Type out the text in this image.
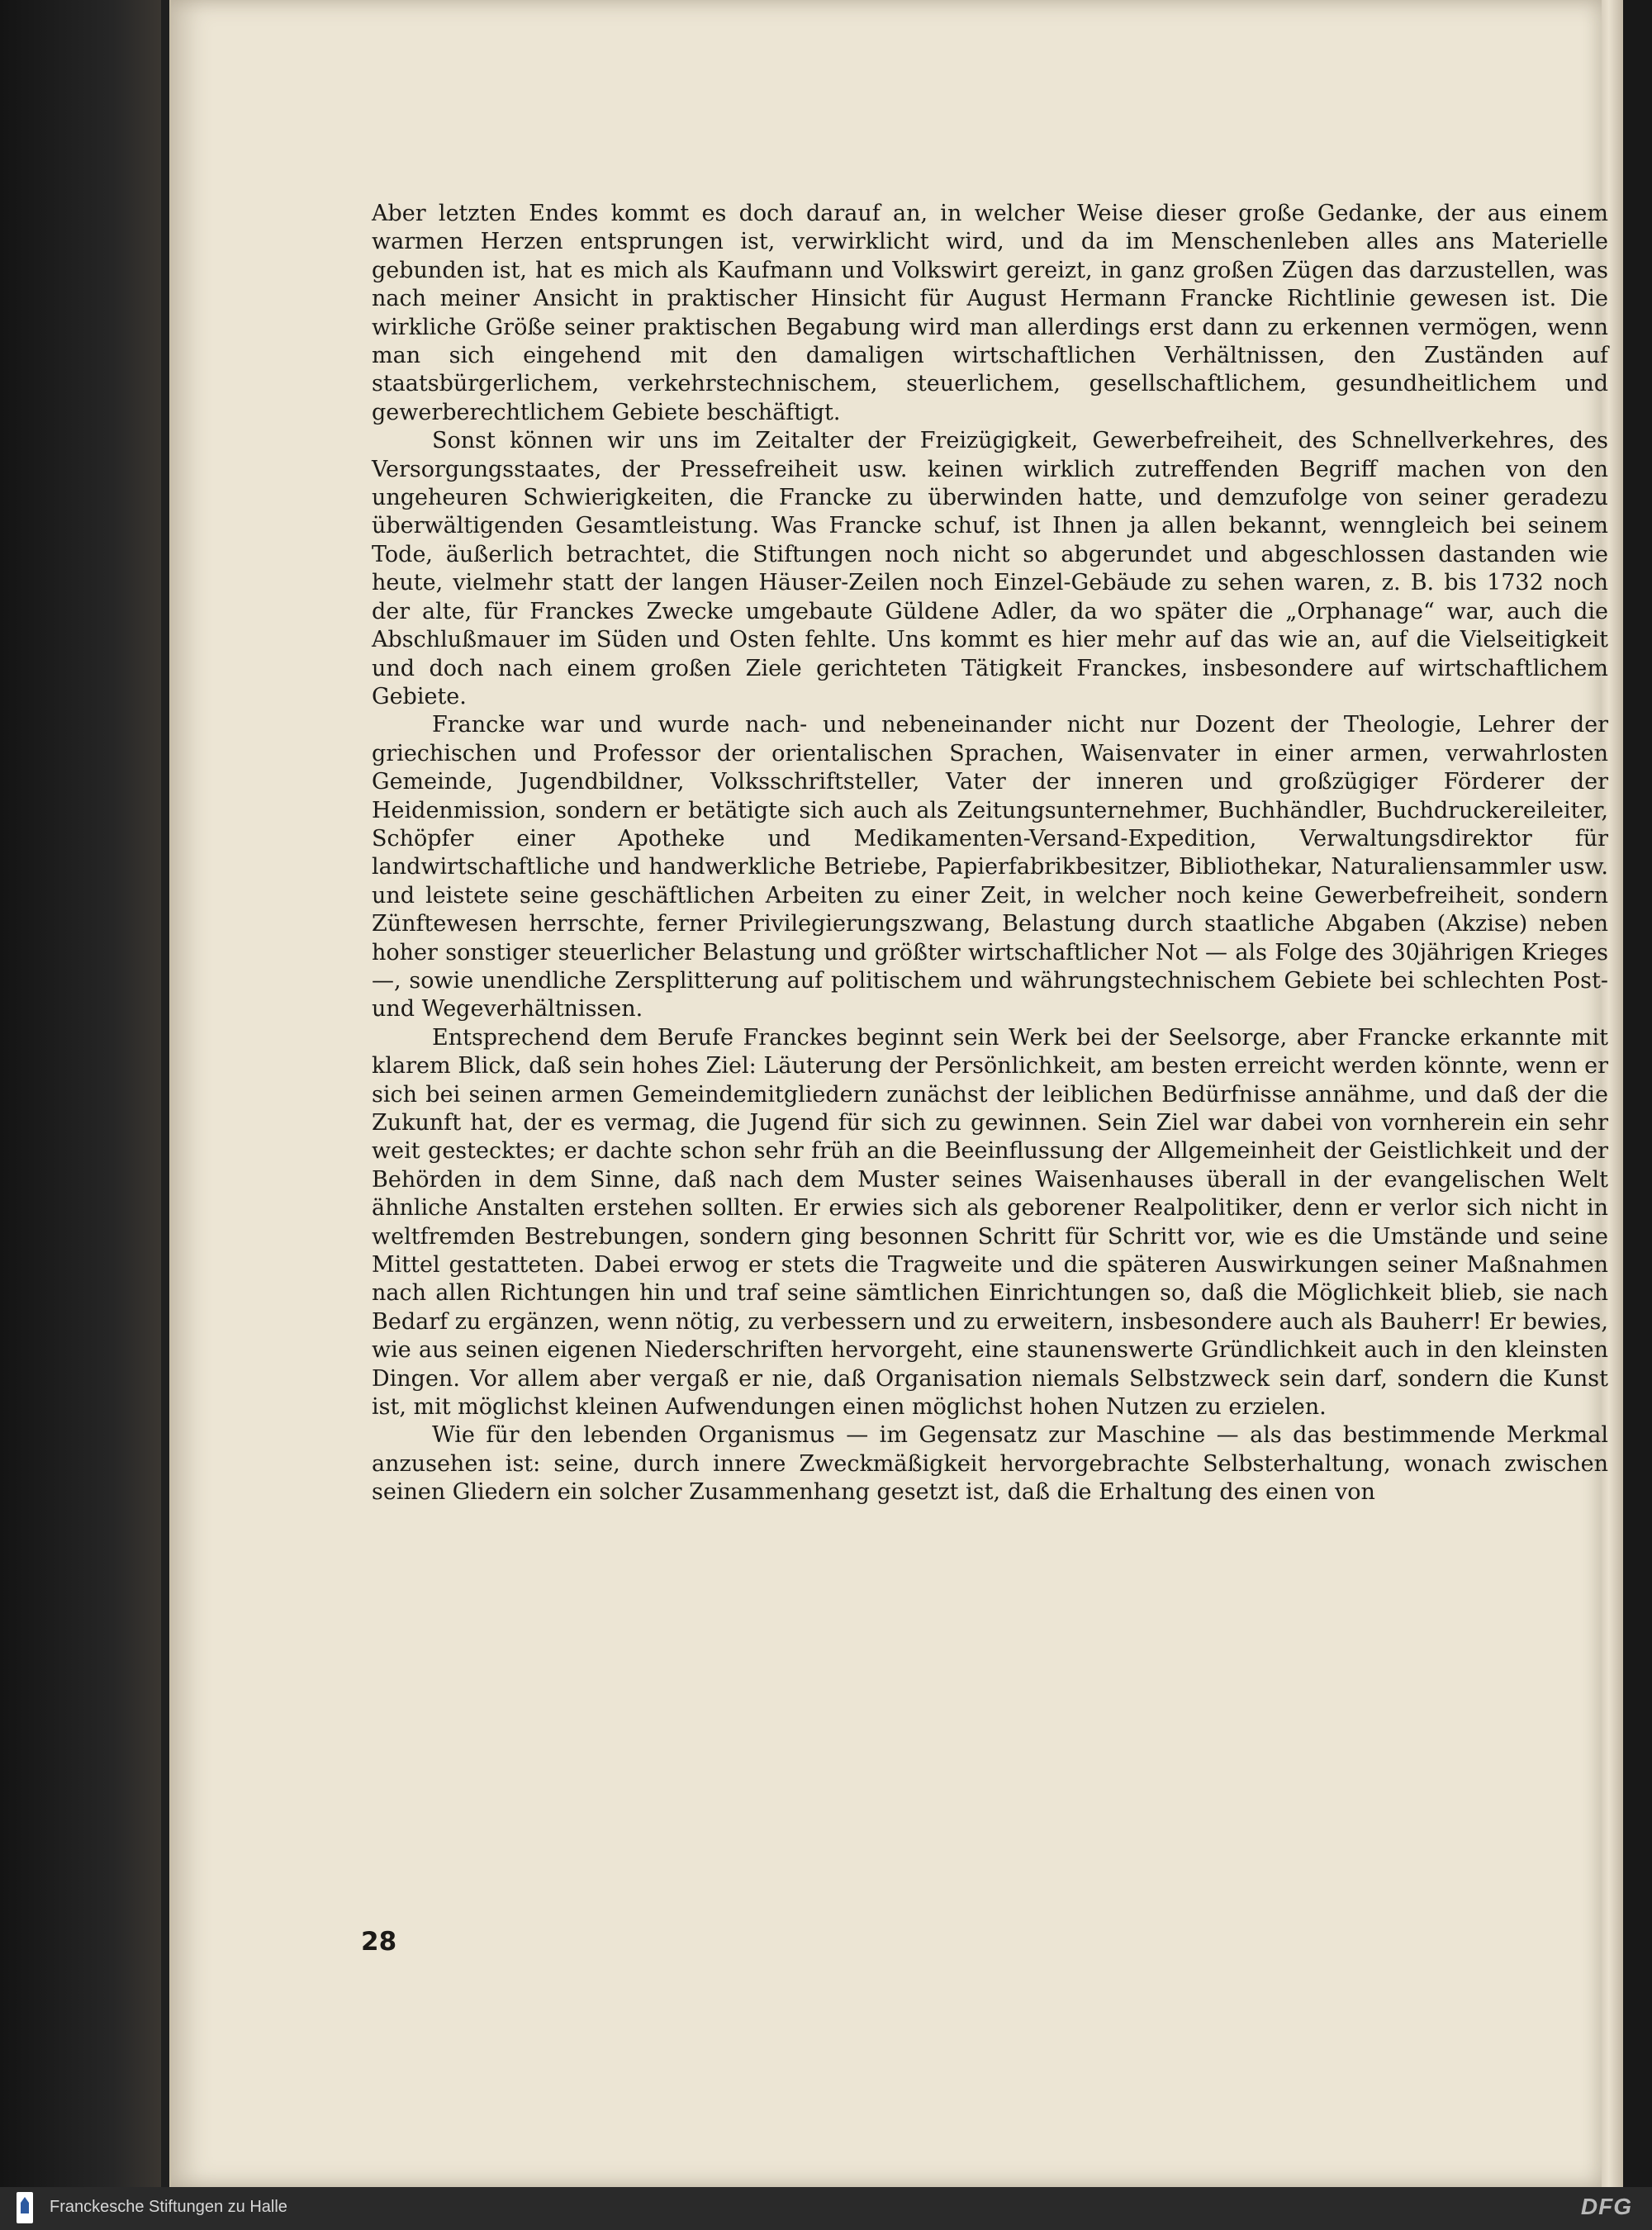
Aber letzten Endes kommt es doch darauf an, in welcher Weise dieser große Gedanke, der aus einem warmen Herzen entsprungen ist, verwirklicht wird, und da im Menschenleben alles ans Materielle gebunden ist, hat es mich als Kaufmann und Volkswirt gereizt, in ganz großen Zügen das darzustellen, was nach meiner Ansicht in praktischer Hinsicht für August Hermann Francke Richtlinie gewesen ist. Die wirkliche Größe seiner praktischen Begabung wird man allerdings erst dann zu erkennen vermögen, wenn man sich eingehend mit den damaligen wirtschaftlichen Verhältnissen, den Zuständen auf staatsbürgerlichem, verkehrstechnischem, steuerlichem, gesellschaftlichem, gesundheitlichem und gewerberechtlichem Gebiete beschäftigt.

Sonst können wir uns im Zeitalter der Freizügigkeit, Gewerbefreiheit, des Schnellverkehres, des Versorgungsstaates, der Pressefreiheit usw. keinen wirklich zutreffenden Begriff machen von den ungeheuren Schwierigkeiten, die Francke zu überwinden hatte, und demzufolge von seiner geradezu überwältigenden Gesamtleistung. Was Francke schuf, ist Ihnen ja allen bekannt, wenngleich bei seinem Tode, äußerlich betrachtet, die Stiftungen noch nicht so abgerundet und abgeschlossen dastanden wie heute, vielmehr statt der langen Häuser-Zeilen noch Einzel-Gebäude zu sehen waren, z. B. bis 1732 noch der alte, für Franckes Zwecke umgebaute Güldene Adler, da wo später die „Orphanage“ war, auch die Abschlußmauer im Süden und Osten fehlte. Uns kommt es hier mehr auf das wie an, auf die Vielseitigkeit und doch nach einem großen Ziele gerichteten Tätigkeit Franckes, insbesondere auf wirtschaftlichem Gebiete.

Francke war und wurde nach- und nebeneinander nicht nur Dozent der Theologie, Lehrer der griechischen und Professor der orientalischen Sprachen, Waisenvater in einer armen, verwahrlosten Gemeinde, Jugendbildner, Volksschriftsteller, Vater der inneren und großzügiger Förderer der Heidenmission, sondern er betätigte sich auch als Zeitungsunternehmer, Buchhändler, Buchdruckereileiter, Schöpfer einer Apotheke und Medikamenten-Versand-Expedition, Verwaltungsdirektor für landwirtschaftliche und handwerkliche Betriebe, Papierfabrikbesitzer, Bibliothekar, Naturaliensammler usw. und leistete seine geschäftlichen Arbeiten zu einer Zeit, in welcher noch keine Gewerbefreiheit, sondern Zünftewesen herrschte, ferner Privilegierungszwang, Belastung durch staatliche Abgaben (Akzise) neben hoher sonstiger steuerlicher Belastung und größter wirtschaftlicher Not — als Folge des 30jährigen Krieges —, sowie unendliche Zersplitterung auf politischem und währungstechnischem Gebiete bei schlechten Post- und Wegeverhältnissen.

Entsprechend dem Berufe Franckes beginnt sein Werk bei der Seelsorge, aber Francke erkannte mit klarem Blick, daß sein hohes Ziel: Läuterung der Persönlichkeit, am besten erreicht werden könnte, wenn er sich bei seinen armen Gemeindemitgliedern zunächst der leiblichen Bedürfnisse annähme, und daß der die Zukunft hat, der es vermag, die Jugend für sich zu gewinnen. Sein Ziel war dabei von vornherein ein sehr weit gestecktes; er dachte schon sehr früh an die Beeinflussung der Allgemeinheit der Geistlichkeit und der Behörden in dem Sinne, daß nach dem Muster seines Waisenhauses überall in der evangelischen Welt ähnliche Anstalten erstehen sollten. Er erwies sich als geborener Realpolitiker, denn er verlor sich nicht in weltfremden Bestrebungen, sondern ging besonnen Schritt für Schritt vor, wie es die Umstände und seine Mittel gestatteten. Dabei erwog er stets die Tragweite und die späteren Auswirkungen seiner Maßnahmen nach allen Richtungen hin und traf seine sämtlichen Einrichtungen so, daß die Möglichkeit blieb, sie nach Bedarf zu ergänzen, wenn nötig, zu verbessern und zu erweitern, insbesondere auch als Bauherr! Er bewies, wie aus seinen eigenen Niederschriften hervorgeht, eine staunenswerte Gründlichkeit auch in den kleinsten Dingen. Vor allem aber vergaß er nie, daß Organisation niemals Selbstzweck sein darf, sondern die Kunst ist, mit möglichst kleinen Aufwendungen einen möglichst hohen Nutzen zu erzielen.

Wie für den lebenden Organismus — im Gegensatz zur Maschine — als das bestimmende Merkmal anzusehen ist: seine, durch innere Zweckmäßigkeit hervorgebrachte Selbsterhaltung, wonach zwischen seinen Gliedern ein solcher Zusammenhang gesetzt ist, daß die Erhaltung des einen von

28
Franckesche Stiftungen zu Halle	DFG
